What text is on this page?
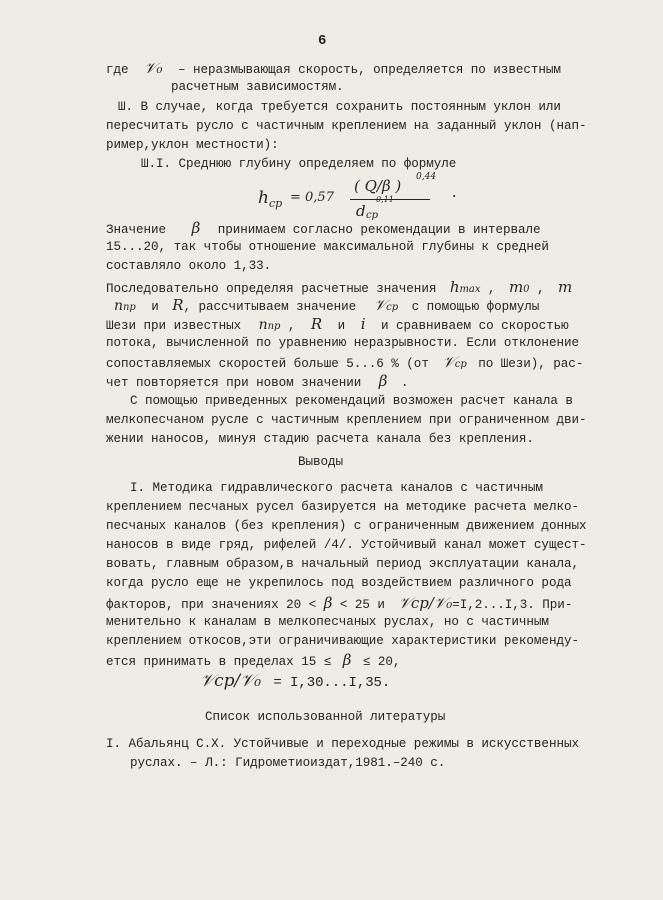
6
где 𝒱₀ – неразмывающая скорость, определяется по известным
расчетным зависимостям.
Ш. В случае, когда требуется сохранить постоянным уклон или
пересчитать русло с частичным креплением на заданный уклон (нап-
ример,уклон местности):
Ш.I. Среднюю глубину определяем по формуле
h ср = 0,57
( Q/β ) 0,44
d ср
0,11	.
Значение β принимаем согласно рекомендации в интервале
15...20, так чтобы отношение максимальной глубины к средней
составляло около 1,33.
Последовательно определяя расчетные значения hmax , m0 , m
nпр и R, рассчитываем значение 𝒱ср с помощью формулы
Шези при известных nпр , R и i и сравниваем со скоростью
потока, вычисленной по уравнению неразрывности. Если отклонение
сопоставляемых скоростей больше 5...6 % (от 𝒱ср по Шези), рас-
чет повторяется при новом значении β .
С помощью приведенных рекомендаций возможен расчет канала в
мелкопесчаном русле с частичным креплением при ограниченном дви-
жении наносов, минуя стадию расчета канала без крепления.
Выводы
I. Методика гидравлического расчета каналов с частичным
креплением песчаных русел базируется на методике расчета мелко-
песчаных каналов (без крепления) с ограниченным движением донных
наносов в виде гряд, рифелей /4/. Устойчивый канал может сущест-
вовать, главным образом,в начальный период эксплуатации канала,
когда русло еще не укрепилось под воздействием различного рода
факторов, при значениях 20 < β < 25 и 𝒱ср/𝒱₀=I,2...I,3. При-
менительно к каналам в мелкопесчаных руслах, но с частичным
креплением откосов,эти ограничивающие характеристики рекоменду-
ется принимать в пределах 15 ≤ β ≤ 20,
𝒱ср/𝒱₀ = I,30...I,35.
Список использованной литературы
I. Абальянц С.Х. Устойчивые и переходные режимы в искусственных
руслах. – Л.: Гидрометиоиздат,1981.–240 с.
